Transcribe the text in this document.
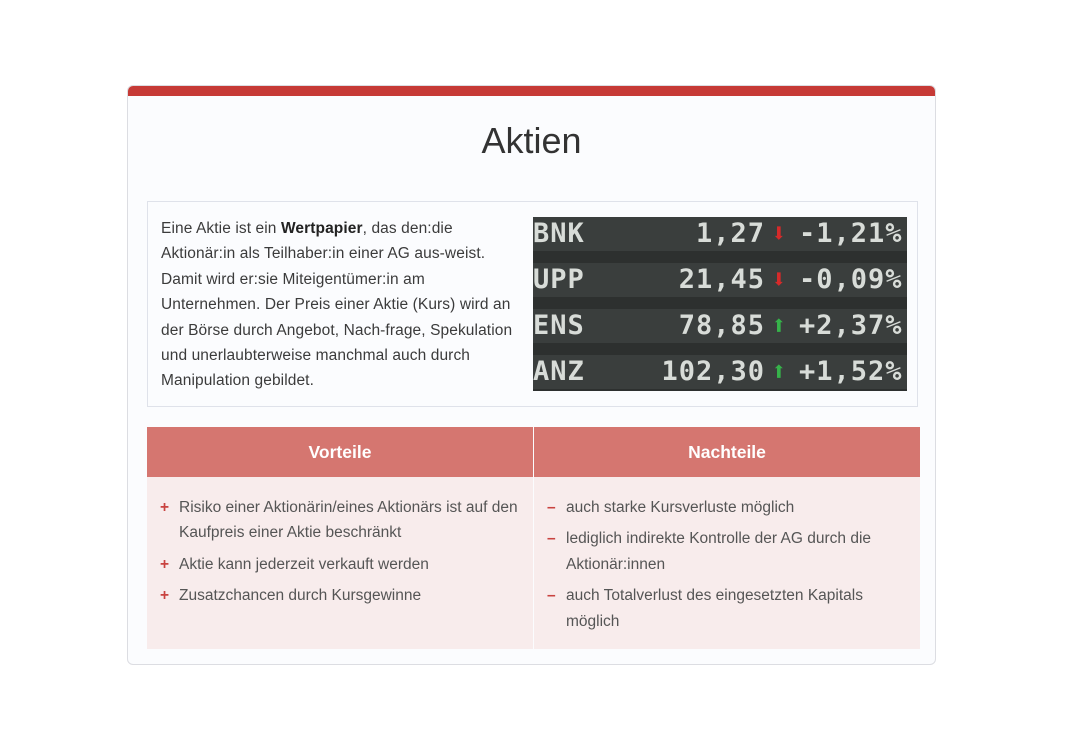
Aktien
Eine Aktie ist ein Wertpapier, das den:die Aktionär:in als Teilhaber:in einer AG aus-weist. Damit wird er:sie Miteigentümer:in am Unternehmen. Der Preis einer Aktie (Kurs) wird an der Börse durch Angebot, Nach-frage, Spekulation und unerlaubterweise manchmal auch durch Manipulation gebildet.
BNK	1,27 ⬇ -1,21%
UPP	21,45 ⬇ -0,09%
ENS	78,85 ⬆ +2,37%
ANZ	102,30 ⬆ +1,52%
Vorteile
+ Risiko einer Aktionärin/eines Aktionärs ist auf den Kaufpreis einer Aktie beschränkt
+ Aktie kann jederzeit verkauft werden
+ Zusatzchancen durch Kursgewinne
Nachteile
– auch starke Kursverluste möglich
– lediglich indirekte Kontrolle der AG durch die Aktionär:innen
– auch Totalverlust des eingesetzten Kapitals möglich
